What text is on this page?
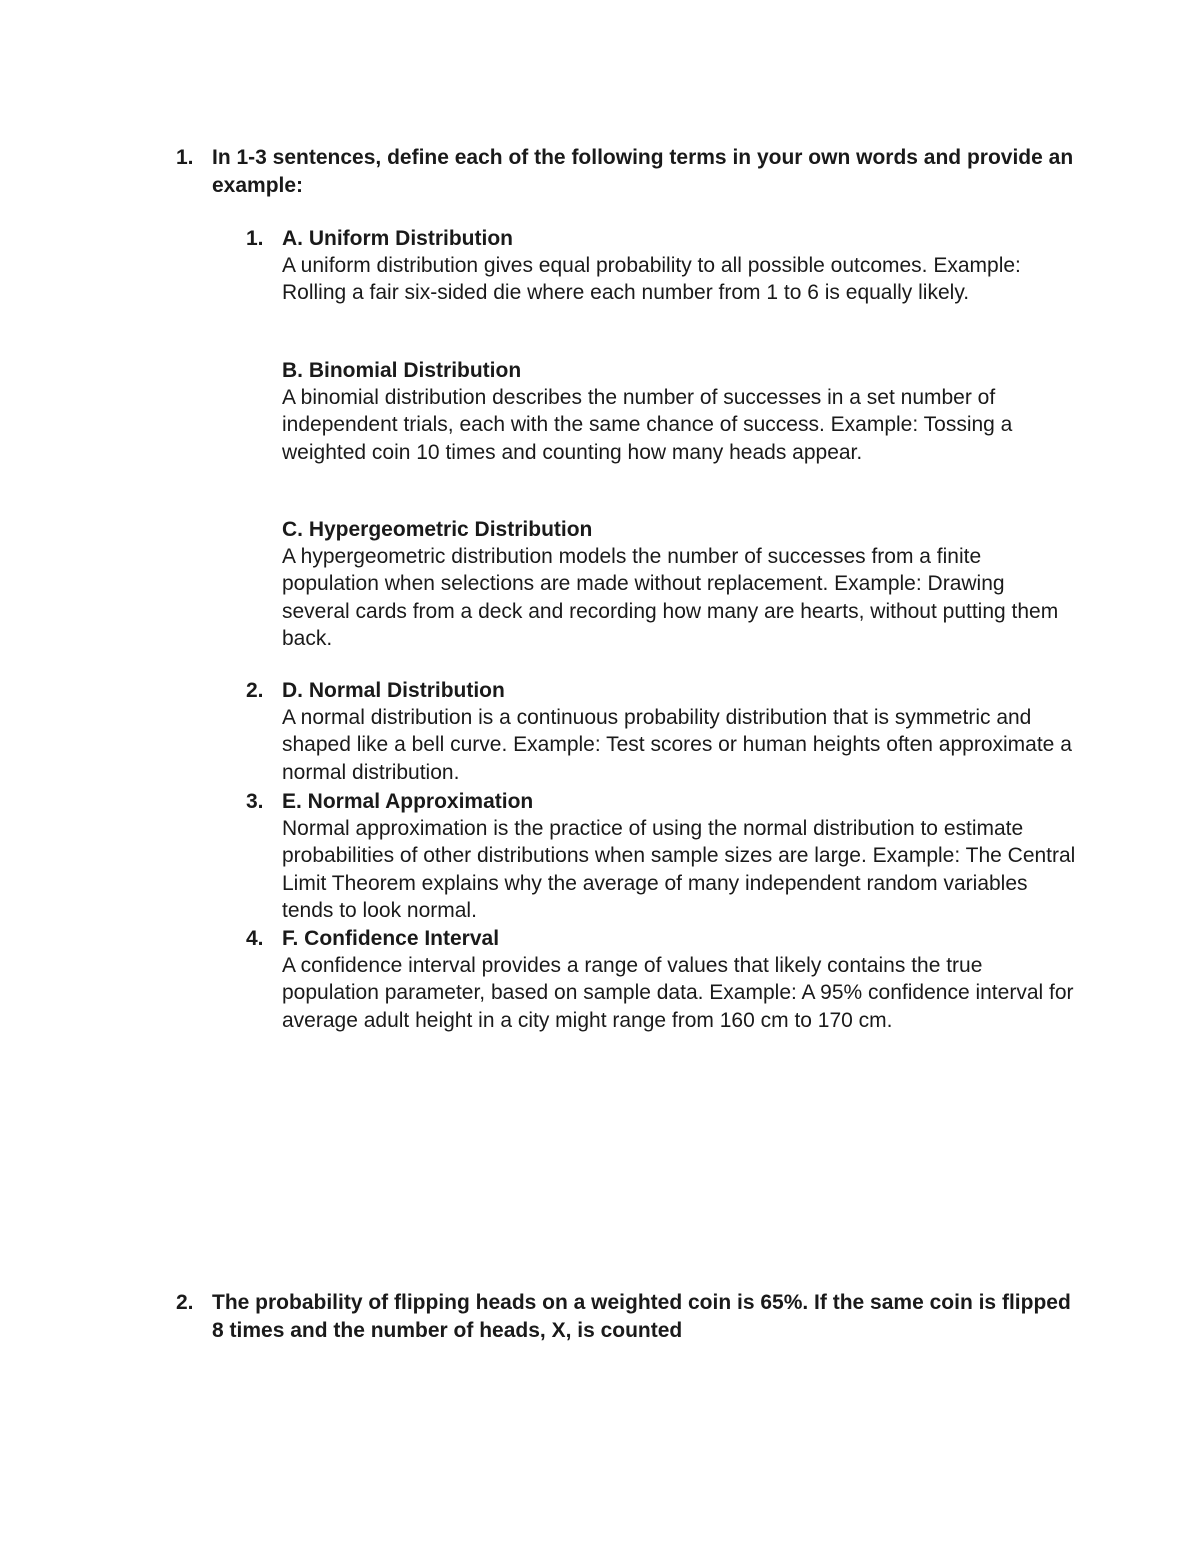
1. In 1-3 sentences, define each of the following terms in your own words and provide an example:
1. A. Uniform Distribution
A uniform distribution gives equal probability to all possible outcomes. Example: Rolling a fair six-sided die where each number from 1 to 6 is equally likely.
B. Binomial Distribution
A binomial distribution describes the number of successes in a set number of independent trials, each with the same chance of success. Example: Tossing a weighted coin 10 times and counting how many heads appear.
C. Hypergeometric Distribution
A hypergeometric distribution models the number of successes from a finite population when selections are made without replacement. Example: Drawing several cards from a deck and recording how many are hearts, without putting them back.
2. D. Normal Distribution
A normal distribution is a continuous probability distribution that is symmetric and shaped like a bell curve. Example: Test scores or human heights often approximate a normal distribution.
3. E. Normal Approximation
Normal approximation is the practice of using the normal distribution to estimate probabilities of other distributions when sample sizes are large. Example: The Central Limit Theorem explains why the average of many independent random variables tends to look normal.
4. F. Confidence Interval
A confidence interval provides a range of values that likely contains the true population parameter, based on sample data. Example: A 95% confidence interval for average adult height in a city might range from 160 cm to 170 cm.
2. The probability of flipping heads on a weighted coin is 65%. If the same coin is flipped 8 times and the number of heads, X, is counted
